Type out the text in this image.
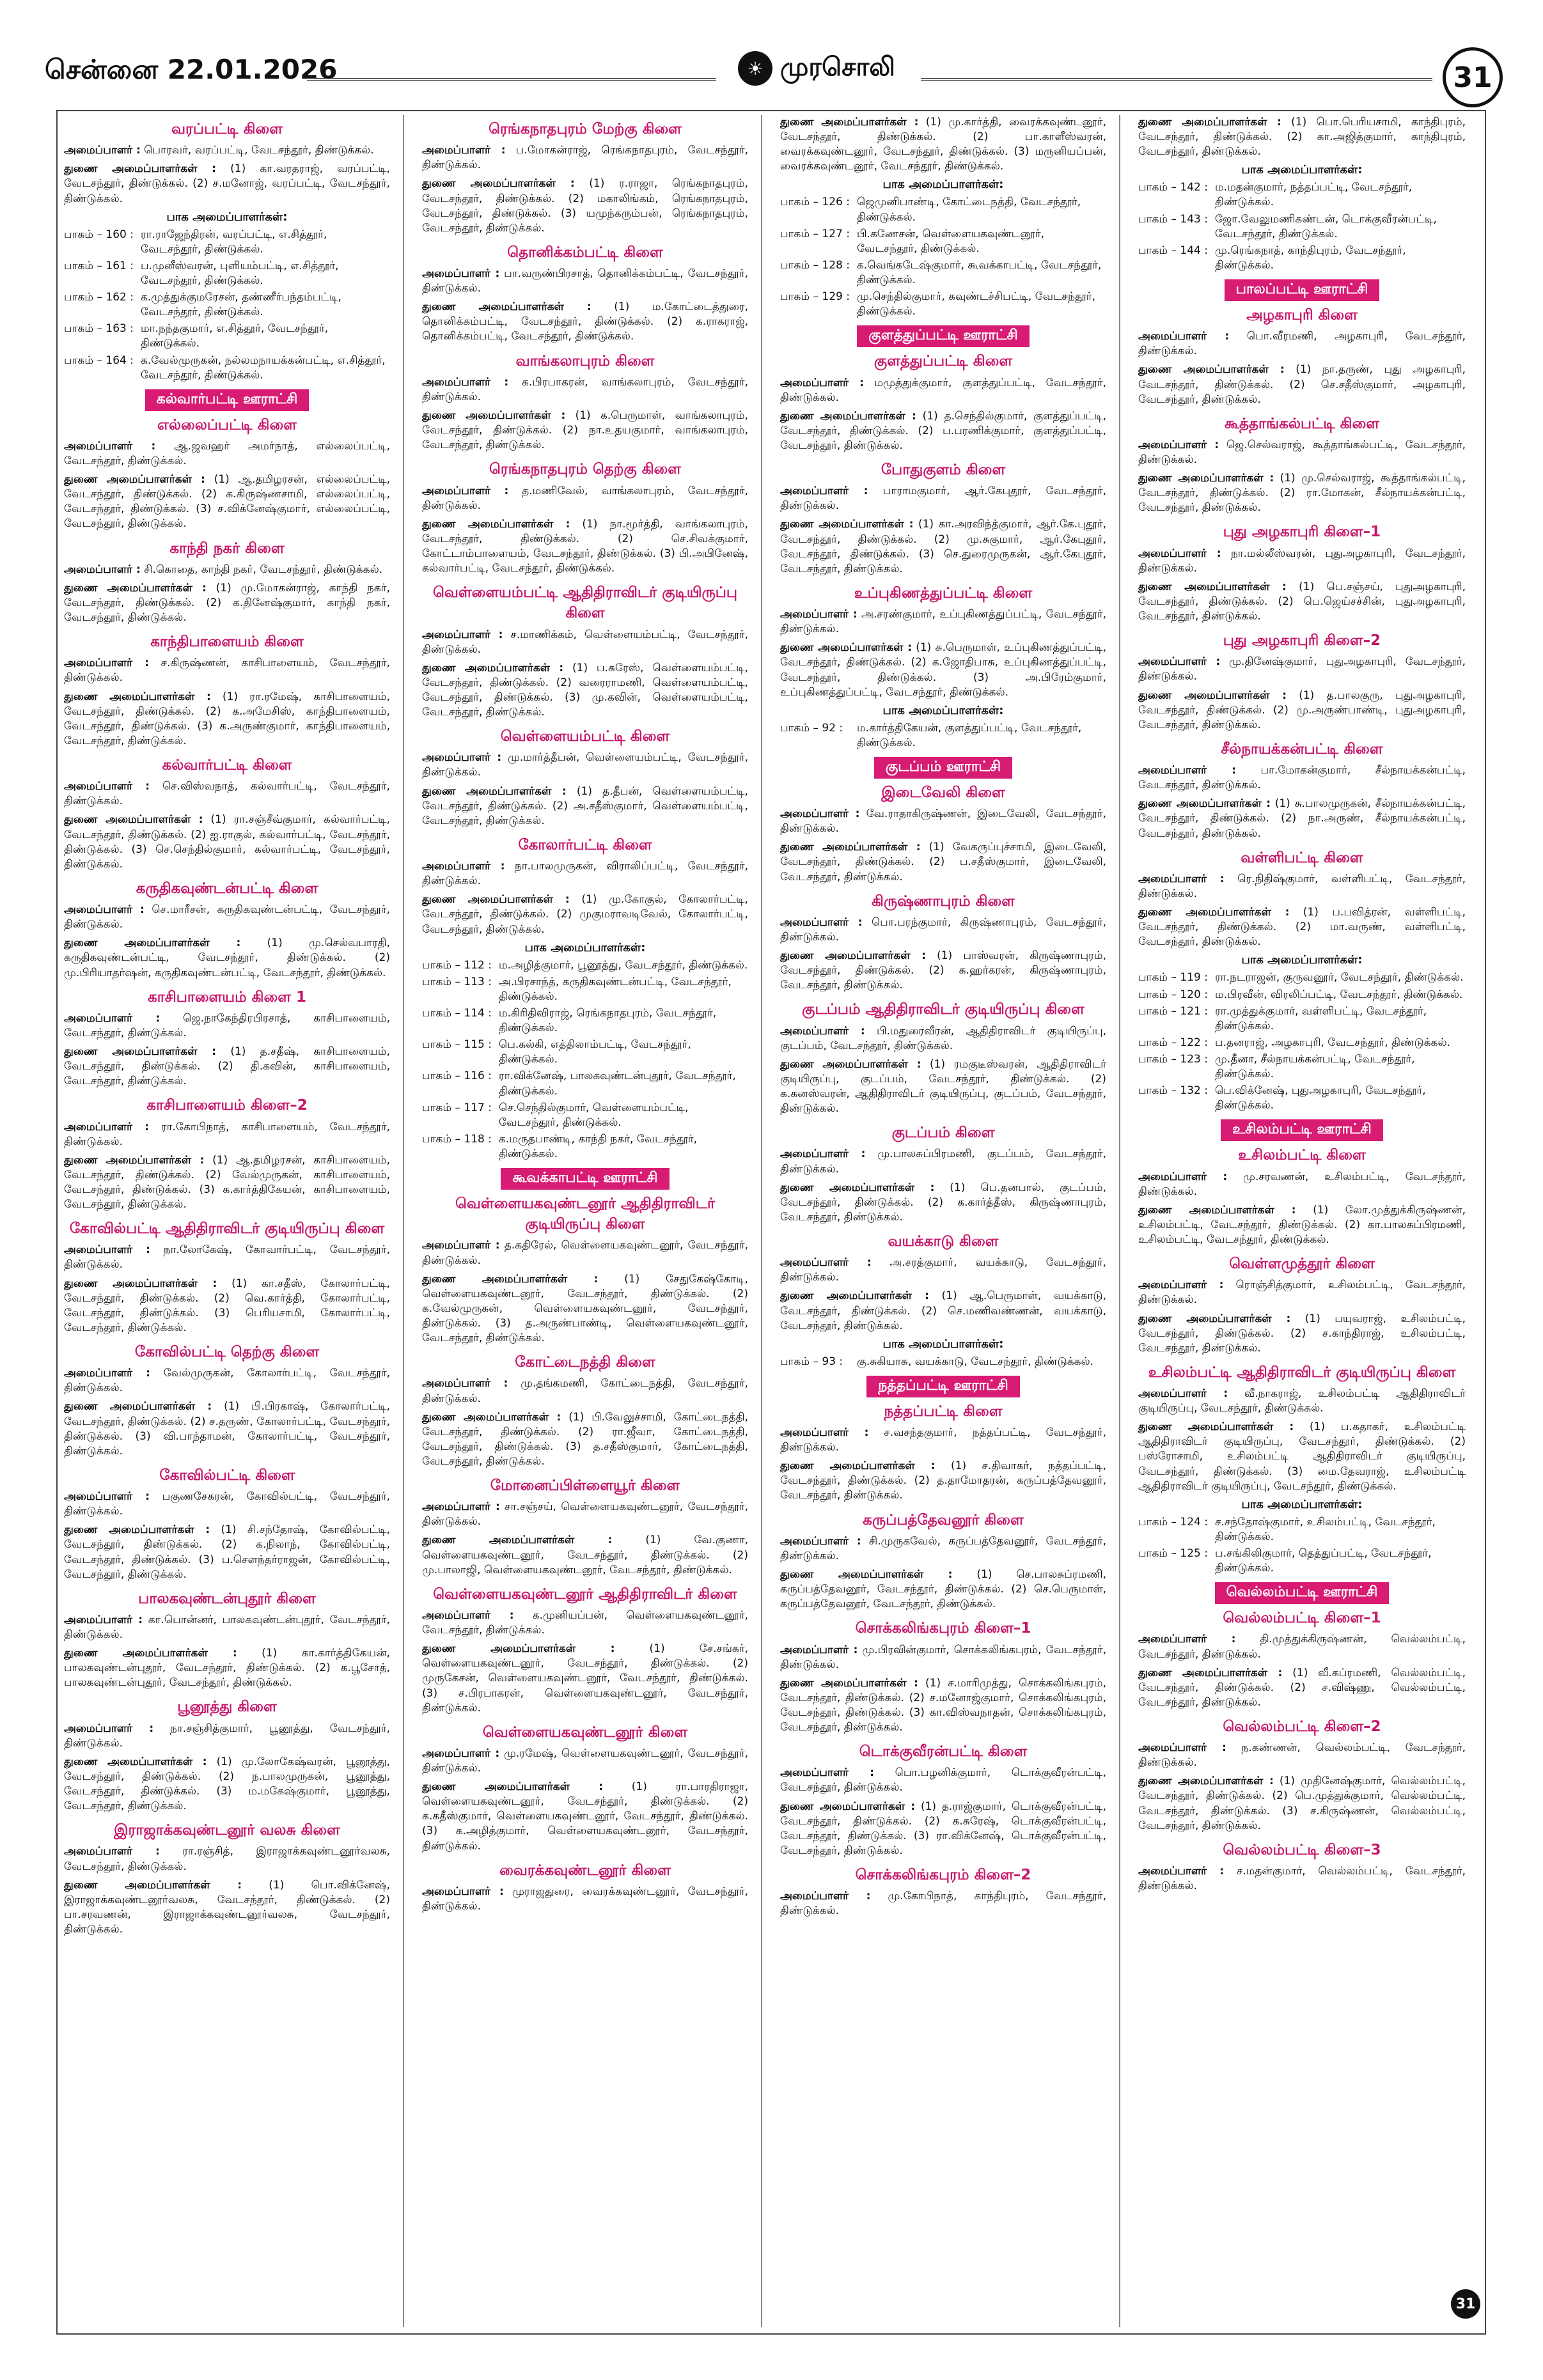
சென்னை 22.01.2026	☀ முரசொலி	31
வரப்பட்டி கிளை
அமைப்பாளர் : பொரவர், வரப்பட்டி, வேடசந்தூர், திண்டுக்கல்.
துணை அமைப்பாளர்கள் : (1) கா.வரதராஜ், வரப்பட்டி, வேடசந்தூர், திண்டுக்கல். (2) ச.மனோஜ், வரப்பட்டி, வேடசந்தூர், திண்டுக்கல்.
பாக அமைப்பாளர்கள்:
பாகம் – 160 : ரா.ராஜேந்திரன், வரப்பட்டி, எ.சித்தூர், வேடசந்தூர், திண்டுக்கல்.
பாகம் – 161 : ப.முனீஸ்வரன், புளியம்பட்டி, எ.சித்தூர், வேடசந்தூர், திண்டுக்கல்.
பாகம் – 162 : க.முத்துக்குமரேசன், தண்ணீர்பந்தம்பட்டி, வேடசந்தூர், திண்டுக்கல்.
பாகம் – 163 : மா.நந்தகுமார், எ.சித்தூர், வேடசந்தூர், திண்டுக்கல்.
பாகம் – 164 : க.வேல்முருகன், நல்லமநாயக்கன்பட்டி, எ.சித்தூர், வேடசந்தூர், திண்டுக்கல்.
கல்வார்பட்டி ஊராட்சி
எல்லைப்பட்டி கிளை
அமைப்பாளர் : ஆ.ஜவஹர் அமர்நாத், எல்லைப்பட்டி, வேடசந்தூர், திண்டுக்கல்.
துணை அமைப்பாளர்கள் : (1) ஆ.தமிழரசன், எல்லைப்பட்டி, வேடசந்தூர், திண்டுக்கல். (2) க.கிருஷ்ணசாமி, எல்லைப்பட்டி, வேடசந்தூர், திண்டுக்கல். (3) ச.விக்னேஷ்குமார், எல்லைப்பட்டி, வேடசந்தூர், திண்டுக்கல்.
காந்தி நகர் கிளை
அமைப்பாளர் : சி.கொதை, காந்தி நகர், வேடசந்தூர், திண்டுக்கல்.
துணை அமைப்பாளர்கள் : (1) மு.மோகன்ராஜ், காந்தி நகர், வேடசந்தூர், திண்டுக்கல். (2) க.தினேஷ்குமார், காந்தி நகர், வேடசந்தூர், திண்டுக்கல்.
காந்திபாளையம் கிளை
அமைப்பாளர் : ச.கிருஷ்ணன், காசிபாளையம், வேடசந்தூர், திண்டுக்கல்.
துணை அமைப்பாளர்கள் : (1) ரா.ரமேஷ், காசிபாளையம், வேடசந்தூர், திண்டுக்கல். (2) க.அமேசிஸ், காந்திபாளையம், வேடசந்தூர், திண்டுக்கல். (3) க.அருண்குமார், காந்திபாளையம், வேடசந்தூர், திண்டுக்கல்.
கல்வார்பட்டி கிளை
அமைப்பாளர் : செ.விஸ்வநாத், கல்வார்பட்டி, வேடசந்தூர், திண்டுக்கல்.
துணை அமைப்பாளர்கள் : (1) ரா.சஞ்சீவ்குமார், கல்வார்பட்டி, வேடசந்தூர், திண்டுக்கல். (2) ஐ.ராகுல், கல்வார்பட்டி, வேடசந்தூர், திண்டுக்கல். (3) செ.செந்தில்குமார், கல்வார்பட்டி, வேடசந்தூர், திண்டுக்கல்.
கருதிகவுண்டன்பட்டி கிளை
அமைப்பாளர் : செ.மாரீசன், கருதிகவுண்டன்பட்டி, வேடசந்தூர், திண்டுக்கல்.
துணை அமைப்பாளர்கள் : (1) மு.செல்வபாரதி, கருதிகவுண்டன்பட்டி, வேடசந்தூர், திண்டுக்கல். (2) மு.பிரியாதர்ஷன், கருதிகவுண்டன்பட்டி, வேடசந்தூர், திண்டுக்கல்.
காசிபாளையம் கிளை 1
அமைப்பாளர் : ஜெ.நாகேந்திரபிரசாத், காசிபாளையம், வேடசந்தூர், திண்டுக்கல்.
துணை அமைப்பாளர்கள் : (1) த.சதீஷ், காசிபாளையம், வேடசந்தூர், திண்டுக்கல். (2) தி.கவின், காசிபாளையம், வேடசந்தூர், திண்டுக்கல்.
காசிபாளையம் கிளை–2
அமைப்பாளர் : ரா.கோபிநாத், காசிபாளையம், வேடசந்தூர், திண்டுக்கல்.
துணை அமைப்பாளர்கள் : (1) ஆ.தமிழரசன், காசிபாளையம், வேடசந்தூர், திண்டுக்கல். (2) வேல்முருகன், காசிபாளையம், வேடசந்தூர், திண்டுக்கல். (3) க.கார்த்திகேயன், காசிபாளையம், வேடசந்தூர், திண்டுக்கல்.
கோவில்பட்டி ஆதிதிராவிடர் குடியிருப்பு கிளை
அமைப்பாளர் : நா.லோகேஷ், கோவார்பட்டி, வேடசந்தூர், திண்டுக்கல்.
துணை அமைப்பாளர்கள் : (1) கா.சதீஸ், கோலார்பட்டி, வேடசந்தூர், திண்டுக்கல். (2) வெ.கார்த்தி, கோலார்பட்டி, வேடசந்தூர், திண்டுக்கல். (3) பெரியசாமி, கோலார்பட்டி, வேடசந்தூர், திண்டுக்கல்.
கோவில்பட்டி தெற்கு கிளை
அமைப்பாளர் : வேல்முருகன், கோலார்பட்டி, வேடசந்தூர், திண்டுக்கல்.
துணை அமைப்பாளர்கள் : (1) பி.பிரகாஷ், கோலார்பட்டி, வேடசந்தூர், திண்டுக்கல். (2) ச.தருண், கோலார்பட்டி, வேடசந்தூர், திண்டுக்கல். (3) வி.பாந்தாமன், கோலார்பட்டி, வேடசந்தூர், திண்டுக்கல்.
கோவில்பட்டி கிளை
அமைப்பாளர் : பகுணசேகரன், கோவில்பட்டி, வேடசந்தூர், திண்டுக்கல்.
துணை அமைப்பாளர்கள் : (1) சி.சந்தோஷ், கோவில்பட்டி, வேடசந்தூர், திண்டுக்கல். (2) க.நிலாந், கோவில்பட்டி, வேடசந்தூர், திண்டுக்கல். (3) ப.சௌந்தர்ராஜன், கோவில்பட்டி, வேடசந்தூர், திண்டுக்கல்.
பாலகவுண்டன்புதூர் கிளை
அமைப்பாளர் : கா.பொன்னர், பாலகவுண்டன்புதூர், வேடசந்தூர், திண்டுக்கல்.
துணை அமைப்பாளர்கள் : (1) கா.கார்த்திகேயன், பாலகவுண்டன்புதூர், வேடசந்தூர், திண்டுக்கல். (2) க.பூசோத், பாலகவுண்டன்புதூர், வேடசந்தூர், திண்டுக்கல்.
பூனூத்து கிளை
அமைப்பாளர் : நா.சஞ்சித்குமார், பூனூத்து, வேடசந்தூர், திண்டுக்கல்.
துணை அமைப்பாளர்கள் : (1) மு.லோகேஷ்வரன், பூனூத்து, வேடசந்தூர், திண்டுக்கல். (2) ந.பாலமுருகன், பூனூத்து, வேடசந்தூர், திண்டுக்கல். (3) ம.மகேஷ்குமார், பூனூத்து, வேடசந்தூர், திண்டுக்கல்.
இராஜாக்கவுண்டனூர் வலசு கிளை
அமைப்பாளர் : ரா.ரஞ்சித், இராஜாக்கவுண்டனூர்வலசு, வேடசந்தூர், திண்டுக்கல்.
துணை அமைப்பாளர்கள் : (1) பொ.விக்னேஷ், இராஜாக்கவுண்டனூர்வலசு, வேடசந்தூர், திண்டுக்கல். (2) பா.சரவணன், இராஜாக்கவுண்டனூர்வலசு, வேடசந்தூர், திண்டுக்கல்.
ரெங்கநாதபுரம் மேற்கு கிளை
அமைப்பாளர் : ப.மோகன்ராஜ், ரெங்கநாதபுரம், வேடசந்தூர், திண்டுக்கல்.
துணை அமைப்பாளர்கள் : (1) ர.ராஜா, ரெங்கநாதபுரம், வேடசந்தூர், திண்டுக்கல். (2) மகாலிங்கம், ரெங்கநாதபுரம், வேடசந்தூர், திண்டுக்கல். (3) யமுந்கரும்பன், ரெங்கநாதபுரம், வேடசந்தூர், திண்டுக்கல்.
தொனிக்கம்பட்டி கிளை
அமைப்பாளர் : பா.வருண்பிரசாத், தொனிக்கம்பட்டி, வேடசந்தூர், திண்டுக்கல்.
துணை அமைப்பாளர்கள் : (1) ம.கோட்டைத்துரை, தொனிக்கம்பட்டி, வேடசந்தூர், திண்டுக்கல். (2) க.ராகராஜ், தொனிக்கம்பட்டி, வேடசந்தூர், திண்டுக்கல்.
வாங்கலாபுரம் கிளை
அமைப்பாளர் : க.பிரபாகரன், வாங்கலாபுரம், வேடசந்தூர், திண்டுக்கல்.
துணை அமைப்பாளர்கள் : (1) க.பெருமாள், வாங்கலாபுரம், வேடசந்தூர், திண்டுக்கல். (2) நா.உதயகுமார், வாங்கலாபுரம், வேடசந்தூர், திண்டுக்கல்.
ரெங்கநாதபுரம் தெற்கு கிளை
அமைப்பாளர் : த.மணிவேல், வாங்கலாபுரம், வேடசந்தூர், திண்டுக்கல்.
துணை அமைப்பாளர்கள் : (1) நா.மூர்த்தி, வாங்கலாபுரம், வேடசந்தூர், திண்டுக்கல். (2) செ.சிவக்குமார், கோட்டாம்பாளையம், வேடசந்தூர், திண்டுக்கல். (3) பி.அபினேஷ், கல்வார்பட்டி, வேடசந்தூர், திண்டுக்கல்.
வெள்ளையம்பட்டி ஆதிதிராவிடர் குடியிருப்பு கிளை
அமைப்பாளர் : ச.மாணிக்கம், வெள்ளையம்பட்டி, வேடசந்தூர், திண்டுக்கல்.
துணை அமைப்பாளர்கள் : (1) ப.சுரேஸ், வெள்ளையம்பட்டி, வேடசந்தூர், திண்டுக்கல். (2) வரைராமணி, வெள்ளையம்பட்டி, வேடசந்தூர், திண்டுக்கல். (3) மு.கவின், வெள்ளையம்பட்டி, வேடசந்தூர், திண்டுக்கல்.
வெள்ளையம்பட்டி கிளை
அமைப்பாளர் : மு.மார்த்தீபன், வெள்ளையம்பட்டி, வேடசந்தூர், திண்டுக்கல்.
துணை அமைப்பாளர்கள் : (1) த.தீபன், வெள்ளையம்பட்டி, வேடசந்தூர், திண்டுக்கல். (2) அ.சதீஸ்குமார், வெள்ளையம்பட்டி, வேடசந்தூர், திண்டுக்கல்.
கோலார்பட்டி கிளை
அமைப்பாளர் : நா.பாலமுருகன், விராலிப்பட்டி, வேடசந்தூர், திண்டுக்கல்.
துணை அமைப்பாளர்கள் : (1) மு.கோகுல், கோலார்பட்டி, வேடசந்தூர், திண்டுக்கல். (2) முகுமராவடிவேல், கோலார்பட்டி, வேடசந்தூர், திண்டுக்கல்.
பாக அமைப்பாளர்கள்:
பாகம் – 112 : ம.அழித்குமார், பூனூத்து, வேடசந்தூர், திண்டுக்கல்.
பாகம் – 113 : அ.பிரசாந்த், கருதிகவுண்டன்பட்டி, வேடசந்தூர், திண்டுக்கல்.
பாகம் – 114 : ம.கிரிதிவிராஜ், ரெங்கநாதபுரம், வேடசந்தூர், திண்டுக்கல்.
பாகம் – 115 : பெ.கல்கி, எத்திலாம்பட்டி, வேடசந்தூர், திண்டுக்கல்.
பாகம் – 116 : ரா.விக்னேஷ், பாலகவுண்டன்புதூர், வேடசந்தூர், திண்டுக்கல்.
பாகம் – 117 : செ.செந்தில்குமார், வெள்ளையம்பட்டி, வேடசந்தூர், திண்டுக்கல்.
பாகம் – 118 : க.மருதபாண்டி, காந்தி நகர், வேடசந்தூர், திண்டுக்கல்.
கூவக்காபட்டி ஊராட்சி
வெள்ளையகவுண்டனூர் ஆதிதிராவிடர் குடியிருப்பு கிளை
அமைப்பாளர் : த.கதிரேல், வெள்ளையகவுண்டனூர், வேடசந்தூர், திண்டுக்கல்.
துணை அமைப்பாளர்கள் : (1) சேதுகேஷ்கோடி, வெள்ளையகவுண்டனூர், வேடசந்தூர், திண்டுக்கல். (2) க.வேல்முருகன், வெள்ளையகவுண்டனூர், வேடசந்தூர், திண்டுக்கல். (3) த.அருண்பாண்டி, வெள்ளையகவுண்டனூர், வேடசந்தூர், திண்டுக்கல்.
கோட்டைநத்தி கிளை
அமைப்பாளர் : மு.தங்கமணி, கோட்டைநத்தி, வேடசந்தூர், திண்டுக்கல்.
துணை அமைப்பாளர்கள் : (1) பி.வேலுச்சாமி, கோட்டைநத்தி, வேடசந்தூர், திண்டுக்கல். (2) ரா.ஜீவா, கோட்டைநத்தி, வேடசந்தூர், திண்டுக்கல். (3) த.சதீஸ்குமார், கோட்டைநத்தி, வேடசந்தூர், திண்டுக்கல்.
மோனைப்பிள்ளையூர் கிளை
அமைப்பாளர் : சா.சஞ்சய், வெள்ளையகவுண்டனூர், வேடசந்தூர், திண்டுக்கல்.
துணை அமைப்பாளர்கள் : (1) வே.குணா, வெள்ளையகவுண்டனூர், வேடசந்தூர், திண்டுக்கல். (2) மு.பாலாஜி, வெள்ளையகவுண்டனூர், வேடசந்தூர், திண்டுக்கல்.
வெள்ளையகவுண்டனூர் ஆதிதிராவிடர் கிளை
அமைப்பாளர் : க.முனியப்பன், வெள்ளையகவுண்டனூர், வேடசந்தூர், திண்டுக்கல்.
துணை அமைப்பாளர்கள் : (1) சே.சங்கர், வெள்ளையகவுண்டனூர், வேடசந்தூர், திண்டுக்கல். (2) முருகேசன், வெள்ளையகவுண்டனூர், வேடசந்தூர், திண்டுக்கல். (3) ச.பிரபாகரன், வெள்ளையகவுண்டனூர், வேடசந்தூர், திண்டுக்கல்.
வெள்ளையகவுண்டனூர் கிளை
அமைப்பாளர் : மு.ரமேஷ், வெள்ளையகவுண்டனூர், வேடசந்தூர், திண்டுக்கல்.
துணை அமைப்பாளர்கள் : (1) ரா.பாரதிராஜா, வெள்ளையகவுண்டனூர், வேடசந்தூர், திண்டுக்கல். (2) க.கதீஸ்குமார், வெள்ளையகவுண்டனூர், வேடசந்தூர், திண்டுக்கல். (3) க.அழித்குமார், வெள்ளையகவுண்டனூர், வேடசந்தூர், திண்டுக்கல்.
வைரக்கவுண்டனூர் கிளை
அமைப்பாளர் : முராஜதுரை, வைரக்கவுண்டனூர், வேடசந்தூர், திண்டுக்கல்.
துணை அமைப்பாளர்கள் : (1) மு.கார்த்தி, வைரக்கவுண்டனூர், வேடசந்தூர், திண்டுக்கல். (2) பா.காளீஸ்வரன், வைரக்கவுண்டனூர், வேடசந்தூர், திண்டுக்கல். (3) மருனியப்பன், வைரக்கவுண்டனூர், வேடசந்தூர், திண்டுக்கல்.
பாக அமைப்பாளர்கள்:
பாகம் – 126 : ஜெமுனிபாண்டி, கோட்டைநத்தி, வேடசந்தூர், திண்டுக்கல்.
பாகம் – 127 : பி.கணேசன், வெள்ளையகவுண்டனூர், வேடசந்தூர், திண்டுக்கல்.
பாகம் – 128 : க.வெங்கடேஷ்குமார், கூவக்காபட்டி, வேடசந்தூர், திண்டுக்கல்.
பாகம் – 129 : மு.செந்தில்குமார், கவுண்டச்சிபட்டி, வேடசந்தூர், திண்டுக்கல்.
குளத்துப்பட்டி ஊராட்சி
குளத்துப்பட்டி கிளை
அமைப்பாளர் : மமுத்துக்குமார், குளத்துப்பட்டி, வேடசந்தூர், திண்டுக்கல்.
துணை அமைப்பாளர்கள் : (1) த.செந்தில்குமார், குளத்துப்பட்டி, வேடசந்தூர், திண்டுக்கல். (2) ப.பரணிக்குமார், குளத்துப்பட்டி, வேடசந்தூர், திண்டுக்கல்.
போதுகுளம் கிளை
அமைப்பாளர் : பாராமகுமார், ஆர்.கேபுதூர், வேடசந்தூர், திண்டுக்கல்.
துணை அமைப்பாளர்கள் : (1) கா.அரவிந்த்குமார், ஆர்.கே.புதூர், வேடசந்தூர், திண்டுக்கல். (2) மு.சுகுமார், ஆர்.கேபுதூர், வேடசந்தூர், திண்டுக்கல். (3) செ.துரைமுருகன், ஆர்.கேபுதூர், வேடசந்தூர், திண்டுக்கல்.
உப்புகிணத்துப்பட்டி கிளை
அமைப்பாளர் : அ.சரண்குமார், உப்புகிணத்துப்பட்டி, வேடசந்தூர், திண்டுக்கல்.
துணை அமைப்பாளர்கள் : (1) சு.பெருமாள், உப்புகிணத்துப்பட்டி, வேடசந்தூர், திண்டுக்கல். (2) க.ஜோதிபாசு, உப்புகிணத்துப்பட்டி, வேடசந்தூர், திண்டுக்கல். (3) அ.பிரேம்குமார், உப்புகிணத்துப்பட்டி, வேடசந்தூர், திண்டுக்கல்.
பாக அமைப்பாளர்கள்:
பாகம் – 92 :	ம.கார்த்திகேயன், குளத்துப்பட்டி, வேடசந்தூர், திண்டுக்கல்.
குடப்பம் ஊராட்சி
இடைவேலி கிளை
அமைப்பாளர் : வே.ராதாகிருஷ்ணன், இடைவேலி, வேடசந்தூர், திண்டுக்கல்.
துணை அமைப்பாளர்கள் : (1) வேகருப்புச்சாமி, இடைவேலி, வேடசந்தூர், திண்டுக்கல். (2) ப.சதீஸ்குமார், இடைவேலி, வேடசந்தூர், திண்டுக்கல்.
கிருஷ்ணாபுரம் கிளை
அமைப்பாளர் : பொ.பரந்குமார், கிருஷ்ணாபுரம், வேடசந்தூர், திண்டுக்கல்.
துணை அமைப்பாளர்கள் : (1) பாஸ்வரன், கிருஷ்ணாபுரம், வேடசந்தூர், திண்டுக்கல். (2) க.ஹர்கரன், கிருஷ்ணாபுரம், வேடசந்தூர், திண்டுக்கல்.
குடப்பம் ஆதிதிராவிடர் குடியிருப்பு கிளை
அமைப்பாளர் : பி.மதுரைவீரன், ஆதிதிராவிடர் குடியிருப்பு, குடப்பம், வேடசந்தூர், திண்டுக்கல்.
துணை அமைப்பாளர்கள் : (1) ரமகுடீஸ்வரன், ஆதிதிராவிடர் குடியிருப்பு, குடப்பம், வேடசந்தூர், திண்டுக்கல். (2) க.கனஸ்வரன், ஆதிதிராவிடர் குடியிருப்பு, குடப்பம், வேடசந்தூர், திண்டுக்கல்.
குடப்பம் கிளை
அமைப்பாளர் : மு.பாலசுப்பிரமணி, குடப்பம், வேடசந்தூர், திண்டுக்கல்.
துணை அமைப்பாளர்கள் : (1) பெ.தனபால், குடப்பம், வேடசந்தூர், திண்டுக்கல். (2) க.கார்த்தீஸ், கிருஷ்ணாபுரம், வேடசந்தூர், திண்டுக்கல்.
வயக்காடு கிளை
அமைப்பாளர் : அ.சரத்குமார், வயக்காடு, வேடசந்தூர், திண்டுக்கல்.
துணை அமைப்பாளர்கள் : (1) ஆ.பெருமாள், வயக்காடு, வேடசந்தூர், திண்டுக்கல். (2) செ.மணிவண்ணன், வயக்காடு, வேடசந்தூர், திண்டுக்கல்.
பாக அமைப்பாளர்கள்:
பாகம் – 93 :	கு.சுகியாசு, வயக்காடு, வேடசந்தூர், திண்டுக்கல்.
நத்தப்பட்டி ஊராட்சி
நத்தப்பட்டி கிளை
அமைப்பாளர் : ச.வசந்தகுமார், நத்தப்பட்டி, வேடசந்தூர், திண்டுக்கல்.
துணை அமைப்பாளர்கள் : (1) ச.திவாகர், நத்தப்பட்டி, வேடசந்தூர், திண்டுக்கல். (2) த.தாமோதரன், கருப்பத்தேவனூர், வேடசந்தூர், திண்டுக்கல்.
கருப்பத்தேவனூர் கிளை
அமைப்பாளர் : சி.முருகவேல், கருப்பத்தேவனூர், வேடசந்தூர், திண்டுக்கல்.
துணை அமைப்பாளர்கள் : (1) செ.பாலசுப்ரமணி, கருப்பத்தேவனூர், வேடசந்தூர், திண்டுக்கல். (2) செ.பெருமாள், கருப்பத்தேவனூர், வேடசந்தூர், திண்டுக்கல்.
சொக்கலிங்கபுரம் கிளை–1
அமைப்பாளர் : மு.பிரவின்குமார், சொக்கலிங்கபுரம், வேடசந்தூர், திண்டுக்கல்.
துணை அமைப்பாளர்கள் : (1) ச.மாரிமுத்து, சொக்கலிங்கபுரம், வேடசந்தூர், திண்டுக்கல். (2) ச.மனோஜ்குமார், சொக்கலிங்கபுரம், வேடசந்தூர், திண்டுக்கல். (3) கா.விஸ்வநாதன், சொக்கலிங்கபுரம், வேடசந்தூர், திண்டுக்கல்.
டொக்குவீரன்பட்டி கிளை
அமைப்பாளர் : பொ.பழனிக்குமார், டொக்குவீரன்பட்டி, வேடசந்தூர், திண்டுக்கல்.
துணை அமைப்பாளர்கள் : (1) த.ராஜ்குமார், டொக்குவீரன்பட்டி, வேடசந்தூர், திண்டுக்கல். (2) க.சுரேஷ், டொக்குவீரன்பட்டி, வேடசந்தூர், திண்டுக்கல். (3) ரா.விக்னேஷ், டொக்குவீரன்பட்டி, வேடசந்தூர், திண்டுக்கல்.
சொக்கலிங்கபுரம் கிளை–2
அமைப்பாளர் : மு.கோபிநாத், காந்திபுரம், வேடசந்தூர், திண்டுக்கல்.
துணை அமைப்பாளர்கள் : (1) பொ.பெரியசாமி, காந்திபுரம், வேடசந்தூர், திண்டுக்கல். (2) கா.அஜித்குமார், காந்திபுரம், வேடசந்தூர், திண்டுக்கல்.
பாக அமைப்பாளர்கள்:
பாகம் – 142 : ம.மதன்குமார், நத்தப்பட்டி, வேடசந்தூர், திண்டுக்கல்.
பாகம் – 143 : ஜோ.வேலுமணிகண்டன், டொக்குவீரன்பட்டி, வேடசந்தூர், திண்டுக்கல்.
பாகம் – 144 : மு.ரெங்கநாத், காந்திபுரம், வேடசந்தூர், திண்டுக்கல்.
பாலப்பட்டி ஊராட்சி
அழகாபுரி கிளை
அமைப்பாளர் : பொ.வீரமணி, அழகாபுரி, வேடசந்தூர், திண்டுக்கல்.
துணை அமைப்பாளர்கள் : (1) நா.தருண், புது அழகாபுரி, வேடசந்தூர், திண்டுக்கல். (2) செ.சதீஸ்குமார், அழகாபுரி, வேடசந்தூர், திண்டுக்கல்.
கூத்தாங்கல்பட்டி கிளை
அமைப்பாளர் : ஜெ.செல்வராஜ், கூத்தாங்கல்பட்டி, வேடசந்தூர், திண்டுக்கல்.
துணை அமைப்பாளர்கள் : (1) மு.செல்வராஜ், கூத்தாங்கல்பட்டி, வேடசந்தூர், திண்டுக்கல். (2) ரா.மோகன், சீல்நாயக்கன்பட்டி, வேடசந்தூர், திண்டுக்கல்.
புது அழகாபுரி கிளை–1
அமைப்பாளர் : நா.மல்லீஸ்வரன், புதுஅழகாபுரி, வேடசந்தூர், திண்டுக்கல்.
துணை அமைப்பாளர்கள் : (1) பெ.சஞ்சய், புதுஅழகாபுரி, வேடசந்தூர், திண்டுக்கல். (2) பெ.ஜெய்சச்சின், புதுஅழகாபுரி, வேடசந்தூர், திண்டுக்கல்.
புது அழகாபுரி கிளை–2
அமைப்பாளர் : மு.தினேஷ்குமார், புதுஅழகாபுரி, வேடசந்தூர், திண்டுக்கல்.
துணை அமைப்பாளர்கள் : (1) த.பாலகுரு, புதுஅழகாபுரி, வேடசந்தூர், திண்டுக்கல். (2) மு.அருண்பாண்டி, புதுஅழகாபுரி, வேடசந்தூர், திண்டுக்கல்.
சீல்நாயக்கன்பட்டி கிளை
அமைப்பாளர் : பா.மோகன்குமார், சீல்நாயக்கன்பட்டி, வேடசந்தூர், திண்டுக்கல்.
துணை அமைப்பாளர்கள் : (1) சு.பாலமுருகன், சீல்நாயக்கன்பட்டி, வேடசந்தூர், திண்டுக்கல். (2) நா.அருண், சீல்நாயக்கன்பட்டி, வேடசந்தூர், திண்டுக்கல்.
வள்ளிபட்டி கிளை
அமைப்பாளர் : ரெ.நிதிஷ்குமார், வள்ளிபட்டி, வேடசந்தூர், திண்டுக்கல்.
துணை அமைப்பாளர்கள் : (1) ப.பவித்ரன், வள்ளிபட்டி, வேடசந்தூர், திண்டுக்கல். (2) மா.வருண், வள்ளிபட்டி, வேடசந்தூர், திண்டுக்கல்.
பாக அமைப்பாளர்கள்:
பாகம் – 119 : ரா.நடராஜன், குருவனூர், வேடசந்தூர், திண்டுக்கல்.
பாகம் – 120 : ம.பிரவீன், விரலிப்பட்டி, வேடசந்தூர், திண்டுக்கல்.
பாகம் – 121 : ரா.முத்துக்குமார், வள்ளிபட்டி, வேடசந்தூர், திண்டுக்கல்.
பாகம் – 122 : ப.தனராஜ், அழகாபுரி, வேடசந்தூர், திண்டுக்கல்.
பாகம் – 123 : மு.தீனா, சீல்நாயக்கன்பட்டி, வேடசந்தூர், திண்டுக்கல்.
பாகம் – 132 : பெ.விக்னேஷ், புதுஅழகாபுரி, வேடசந்தூர், திண்டுக்கல்.
உசிலம்பட்டி ஊராட்சி
உசிலம்பட்டி கிளை
அமைப்பாளர் : மு.சரவணன், உசிலம்பட்டி, வேடசந்தூர், திண்டுக்கல்.
துணை அமைப்பாளர்கள் : (1) லோ.முத்துக்கிருஷ்ணன், உசிலம்பட்டி, வேடசந்தூர், திண்டுக்கல். (2) கா.பாலசுப்பிரமணி, உசிலம்பட்டி, வேடசந்தூர், திண்டுக்கல்.
வெள்ளமுத்தூர் கிளை
அமைப்பாளர் : ரொஞ்சித்குமார், உசிலம்பட்டி, வேடசந்தூர், திண்டுக்கல்.
துணை அமைப்பாளர்கள் : (1) பயுவராஜ், உசிலம்பட்டி, வேடசந்தூர், திண்டுக்கல். (2) ச.காந்திராஜ், உசிலம்பட்டி, வேடசந்தூர், திண்டுக்கல்.
உசிலம்பட்டி ஆதிதிராவிடர் குடியிருப்பு கிளை
அமைப்பாளர் : வீ.நாகராஜ், உசிலம்பட்டி ஆதிதிராவிடர் குடியிருப்பு, வேடசந்தூர், திண்டுக்கல்.
துணை அமைப்பாளர்கள் : (1) ப.கதாகர், உசிலம்பட்டி ஆதிதிராவிடர் குடியிருப்பு, வேடசந்தூர், திண்டுக்கல். (2) பஸ்ரோசாமி, உசிலம்பட்டி ஆதிதிராவிடர் குடியிருப்பு, வேடசந்தூர், திண்டுக்கல். (3) மை.தேவராஜ், உசிலம்பட்டி ஆதிதிராவிடர் குடியிருப்பு, வேடசந்தூர், திண்டுக்கல்.
பாக அமைப்பாளர்கள்:
பாகம் – 124 : ச.சந்தோஷ்குமார், உசிலம்பட்டி, வேடசந்தூர், திண்டுக்கல்.
பாகம் – 125 : ப.சங்கிலிகுமார், தெத்துப்பட்டி, வேடசந்தூர், திண்டுக்கல்.
வெல்லம்பட்டி ஊராட்சி
வெல்லம்பட்டி கிளை–1
அமைப்பாளர் : தி.முத்துக்கிருஷ்ணன், வெல்லம்பட்டி, வேடசந்தூர், திண்டுக்கல்.
துணை அமைப்பாளர்கள் : (1) வீ.கப்ரமணி, வெல்லம்பட்டி, வேடசந்தூர், திண்டுக்கல். (2) ச.விஷ்ணு, வெல்லம்பட்டி, வேடசந்தூர், திண்டுக்கல்.
வெல்லம்பட்டி கிளை–2
அமைப்பாளர் : ந.கண்ணன், வெல்லம்பட்டி, வேடசந்தூர், திண்டுக்கல்.
துணை அமைப்பாளர்கள் : (1) முதினேஷ்குமார், வெல்லம்பட்டி, வேடசந்தூர், திண்டுக்கல். (2) பெ.முத்துக்குமார், வெல்லம்பட்டி, வேடசந்தூர், திண்டுக்கல். (3) ச.கிருஷ்ணன், வெல்லம்பட்டி, வேடசந்தூர், திண்டுக்கல்.
வெல்லம்பட்டி கிளை–3
அமைப்பாளர் : ச.மதன்குமார், வெல்லம்பட்டி, வேடசந்தூர், திண்டுக்கல்.
31
